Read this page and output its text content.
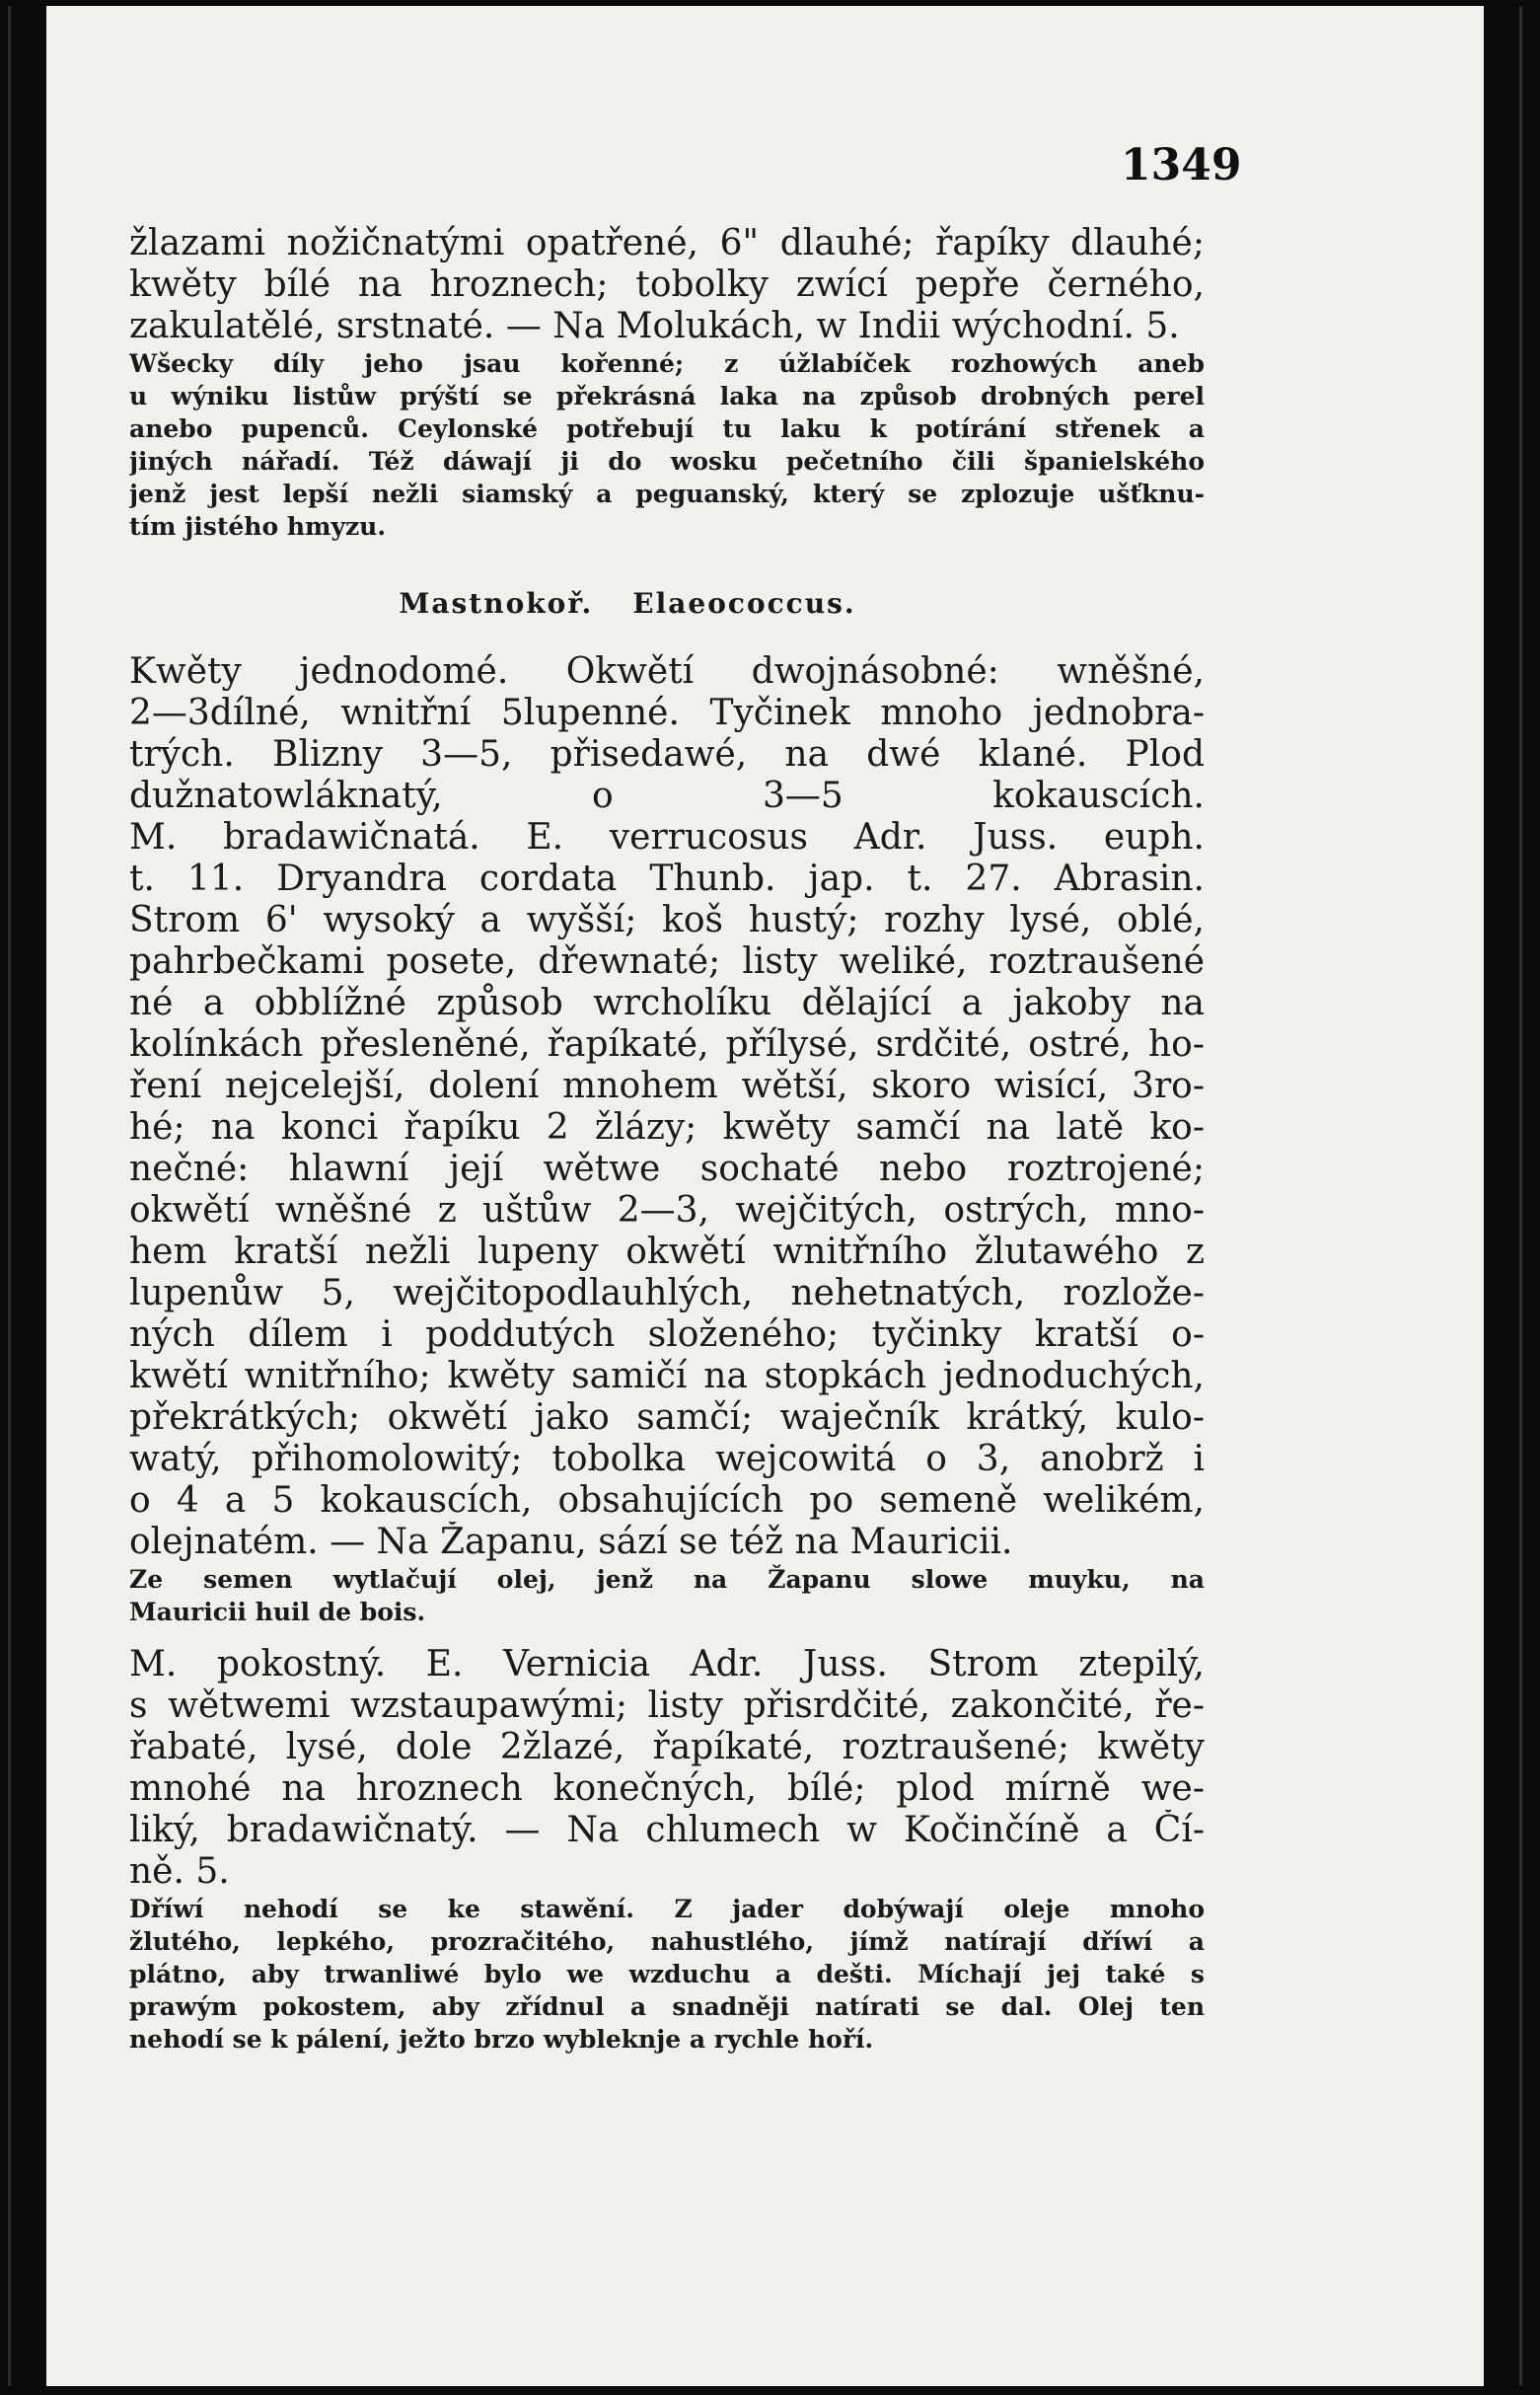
1349
žlazami nožičnatými opatřené, 6" dlauhé; řapíky dlauhé;
kwěty bílé na hroznech; tobolky zwící pepře černého,
zakulatělé, srstnaté. — Na Molukách, w Indii wýchodní. 5.
Wšecky díly jeho jsau kořenné; z úžlabíček rozhowých aneb
u wýniku listůw prýští se překrásná laka na způsob drobných perel
anebo pupenců. Ceylonské potřebují tu laku k potírání střenek a
jiných nářadí. Též dáwají ji do wosku pečetního čili španielského
jenž jest lepší nežli siamský a peguanský, který se zplozuje ušťknu-
tím jistého hmyzu.
Mastnokoř. Elaeococcus.
Kwěty jednodomé. Okwětí dwojnásobné: wněšné,
2—3dílné, wnitřní 5lupenné. Tyčinek mnoho jednobra-
trých. Blizny 3—5, přisedawé, na dwé klané. Plod
dužnatowláknatý, o 3—5 kokauscích.
M. bradawičnatá. E. verrucosus Adr. Juss. euph.
t. 11. Dryandra cordata Thunb. jap. t. 27. Abrasin.
Strom 6' wysoký a wyšší; koš hustý; rozhy lysé, oblé,
pahrbečkami posete, dřewnaté; listy weliké, roztraušené
né a obblížné způsob wrcholíku dělající a jakoby na
kolínkách přesleněné, řapíkaté, přílysé, srdčité, ostré, ho-
ření nejcelejší, dolení mnohem wětší, skoro wisící, 3ro-
hé; na konci řapíku 2 žlázy; kwěty samčí na latě ko-
nečné: hlawní její wětwe sochaté nebo roztrojené;
okwětí wněšné z uštůw 2—3, wejčitých, ostrých, mno-
hem kratší nežli lupeny okwětí wnitřního žlutawého z
lupenůw 5, wejčitopodlauhlých, nehetnatých, rozlože-
ných dílem i poddutých složeného; tyčinky kratší o-
kwětí wnitřního; kwěty samičí na stopkách jednoduchých,
překrátkých; okwětí jako samčí; waječník krátký, kulo-
watý, přihomolowitý; tobolka wejcowitá o 3, anobrž i
o 4 a 5 kokauscích, obsahujících po semeně welikém,
olejnatém. — Na Žapanu, sází se též na Mauricii.
Ze semen wytlačují olej, jenž na Žapanu slowe muyku, na
Mauricii huil de bois.
M. pokostný. E. Vernicia Adr. Juss. Strom ztepilý,
s wětwemi wzstaupawými; listy přisrdčité, zakončité, ře-
řabaté, lysé, dole 2žlazé, řapíkaté, roztraušené; kwěty
mnohé na hroznech konečných, bílé; plod mírně we-
liký, bradawičnatý. — Na chlumech w Kočinčíně a Čí-
ně. 5.
Dříwí nehodí se ke stawění. Z jader dobýwají oleje mnoho
žlutého, lepkého, prozračitého, nahustlého, jímž natírají dříwí a
plátno, aby trwanliwé bylo we wzduchu a dešti. Míchají jej také s
prawým pokostem, aby zřídnul a snadněji natírati se dal. Olej ten
nehodí se k pálení, ježto brzo wybleknje a rychle hoří.
